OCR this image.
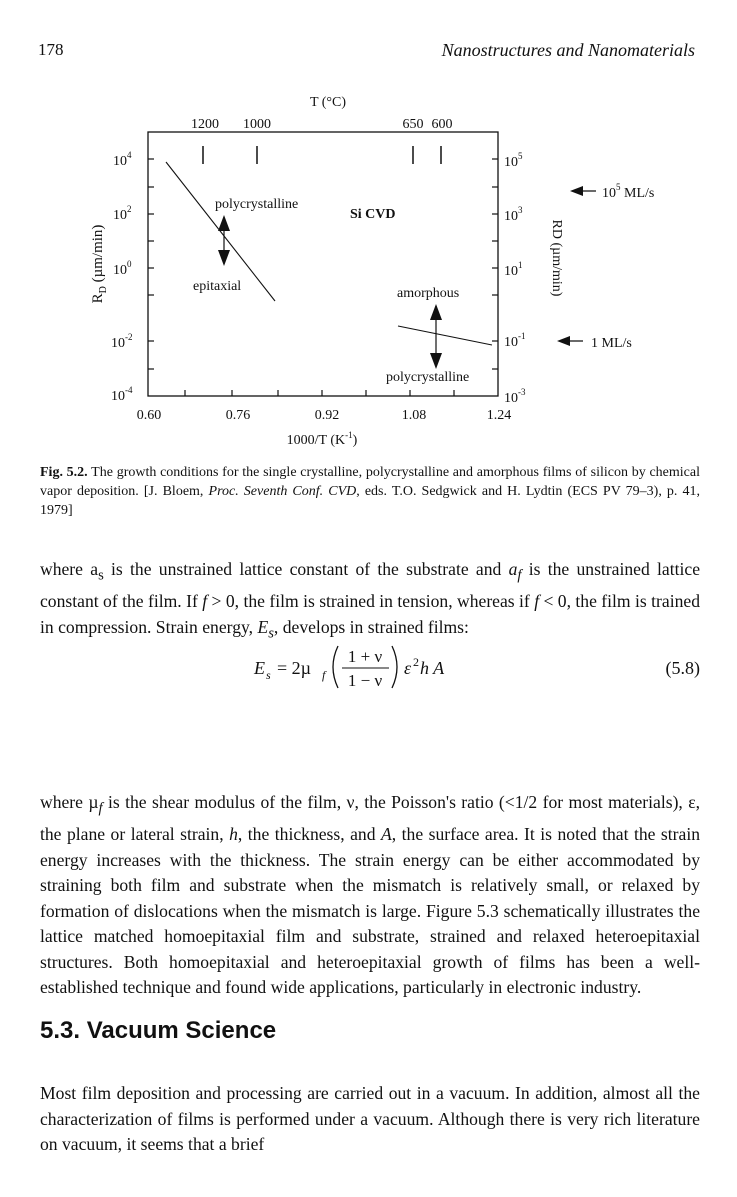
178	Nanostructures and Nanomaterials
T (°C)
1200 1000	650 600
$10^4$
$10^2$
$10^0$
$10^{-2}$
$10^{-4}$
$10^5$
$10^3$
$10^1$
$10^{-1}$
$10^{-3}$
0.60	0.76	0.92	1.08	1.24
1000/T $(K^{-1})$
$R_D$ (µm/min)	RD (µm/min)
polycrystalline
epitaxial
Si CVD
amorphous
polycrystalline
$10^5$ ML/s
1 ML/s
Fig. 5.2. The growth conditions for the single crystalline, polycrystalline and amorphous films of silicon by chemical vapor deposition. [J. Bloem, Proc. Seventh Conf. CVD, eds. T.O. Sedgwick and H. Lydtin (ECS PV 79–3), p. 41, 1979]
where $a_s$ is the unstrained lattice constant of the substrate and $a_f$ is the unstrained lattice constant of the film. If f > 0, the film is strained in tension, whereas if f < 0, the film is trained in compression. Strain energy, $E_s$, develops in strained films:
E s = 2µ f
1 + ν
1 − ν
ε 2 h A	(5.8)
where µ$_f$ is the shear modulus of the film, ν, the Poisson's ratio (<1/2 for most materials), ε, the plane or lateral strain, h, the thickness, and A, the surface area. It is noted that the strain energy increases with the thickness. The strain energy can be either accommodated by straining both film and substrate when the mismatch is relatively small, or relaxed by formation of dislocations when the mismatch is large. Figure 5.3 schematically illustrates the lattice matched homoepitaxial film and substrate, strained and relaxed heteroepitaxial structures. Both homoepitaxial and heteroepitaxial growth of films has been a well-established technique and found wide applications, particularly in electronic industry.
5.3. Vacuum Science
Most film deposition and processing are carried out in a vacuum. In addition, almost all the characterization of films is performed under a vacuum. Although there is very rich literature on vacuum, it seems that a brief
